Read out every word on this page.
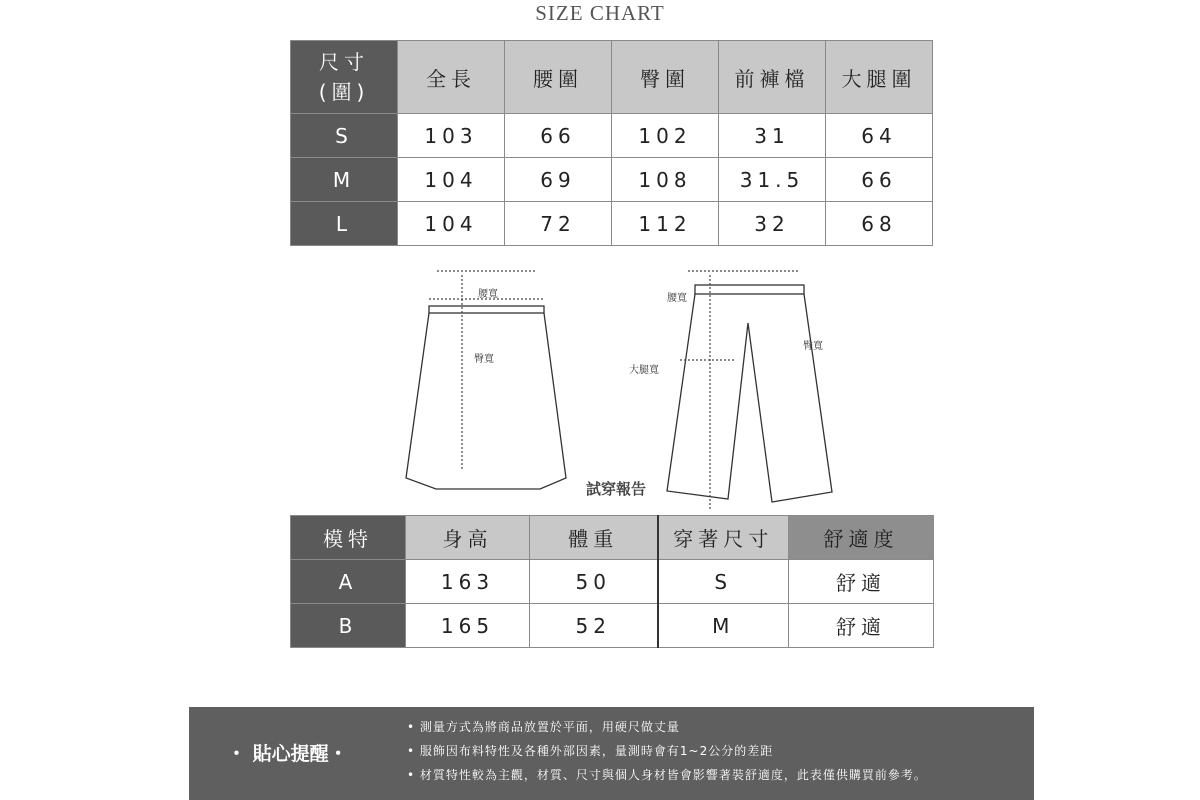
SIZE CHART
尺寸
(圍)	全長	腰圍	臀圍	前褲檔	大腿圍
S	103	66	102	31	64
M	104	69	108	31.5	66
L	104	72	112	32	68
腰寬
臀寬
腰寬
臀寬
大腿寬
試穿報告
模特	身高	體重	穿著尺寸	舒適度
A	163	50	S	舒適
B	165	52	M	舒適
・ 貼心提醒・
• 測量方式為將商品放置於平面，用硬尺做丈量
• 服飾因布料特性及各種外部因素，量測時會有1~2公分的差距
• 材質特性較為主觀，材質、尺寸與個人身材皆會影響著裝舒適度，此表僅供購買前參考。
